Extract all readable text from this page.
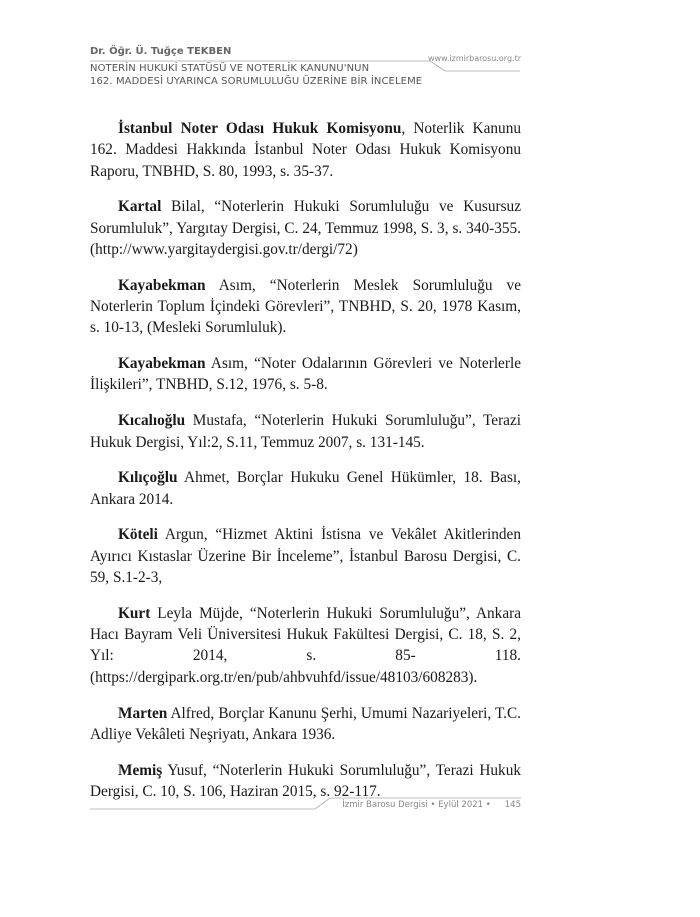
Dr. Öğr. Ü. Tuğçe TEKBEN
www.izmirbarosu.org.tr
NOTERİN HUKUKİ STATÜSÜ VE NOTERLİK KANUNU'NUN
162. MADDESİ UYARINCA SORUMLULUĞU ÜZERİNE BİR İNCELEME

İstanbul Noter Odası Hukuk Komisyonu, Noterlik Kanunu 162. Maddesi Hakkında İstanbul Noter Odası Hukuk Komisyonu Raporu, TNBHD, S. 80, 1993, s. 35-37.

Kartal Bilal, “Noterlerin Hukuki Sorumluluğu ve Kusursuz Sorumluluk”, Yargıtay Dergisi, C. 24, Temmuz 1998, S. 3, s. 340-355. (http://www.yargitaydergisi.gov.tr/dergi/72)

Kayabekman Asım, “Noterlerin Meslek Sorumluluğu ve Noterlerin Toplum İçindeki Görevleri”, TNBHD, S. 20, 1978 Kasım, s. 10-13, (Mesleki Sorumluluk).

Kayabekman Asım, “Noter Odalarının Görevleri ve Noterlerle İlişkileri”, TNBHD, S.12, 1976, s. 5-8.

Kıcalıoğlu Mustafa, “Noterlerin Hukuki Sorumluluğu”, Terazi Hukuk Dergisi, Yıl:2, S.11, Temmuz 2007, s. 131-145.

Kılıçoğlu Ahmet, Borçlar Hukuku Genel Hükümler, 18. Bası, Ankara 2014.

Köteli Argun, “Hizmet Aktini İstisna ve Vekâlet Akitlerinden Ayırıcı Kıstaslar Üzerine Bir İnceleme”, İstanbul Barosu Dergisi, C. 59, S.1-2-3,

Kurt Leyla Müjde, “Noterlerin Hukuki Sorumluluğu”, Ankara Hacı Bayram Veli Üniversitesi Hukuk Fakültesi Dergisi, C. 18, S. 2, Yıl: 2014, s. 85- 118. (https://dergipark.org.tr/en/pub/ahbvuhfd/issue/48103/608283).

Marten Alfred, Borçlar Kanunu Şerhi, Umumi Nazariyeleri, T.C. Adliye Vekâleti Neşriyatı, Ankara 1936.

Memiş Yusuf, “Noterlerin Hukuki Sorumluluğu”, Terazi Hukuk Dergisi, C. 10, S. 106, Haziran 2015, s. 92-117.

İzmir Barosu Dergisi • Eylül 2021 • 145
